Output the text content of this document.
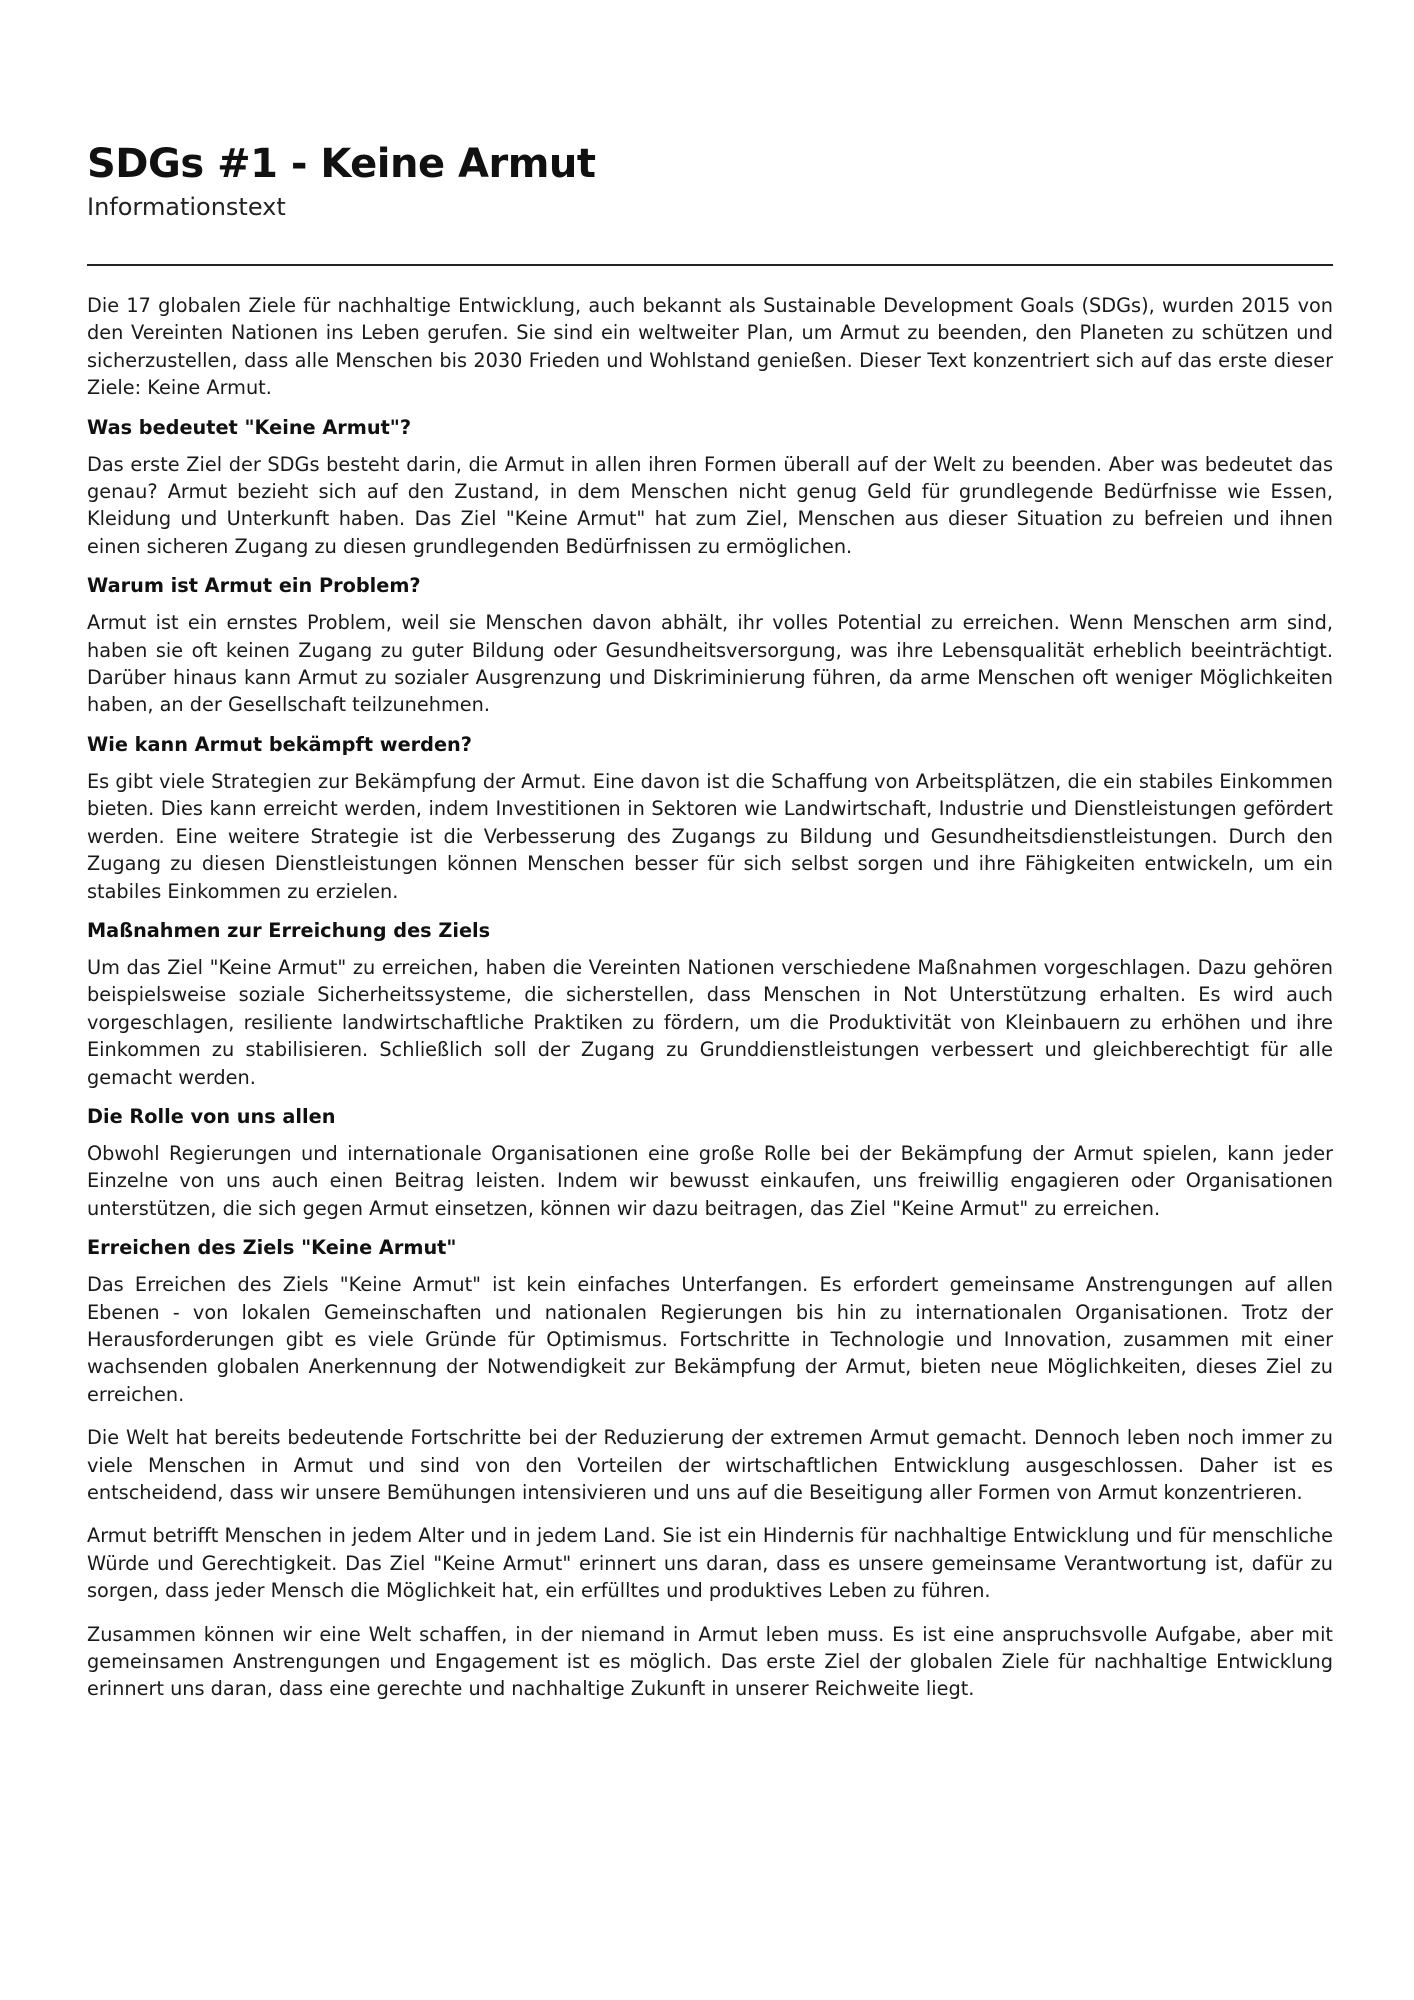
SDGs #1 - Keine Armut
Informationstext

Die 17 globalen Ziele für nachhaltige Entwicklung, auch bekannt als Sustainable Development Goals (SDGs), wurden 2015 von den Vereinten Nationen ins Leben gerufen. Sie sind ein weltweiter Plan, um Armut zu beenden, den Planeten zu schützen und sicherzustellen, dass alle Menschen bis 2030 Frieden und Wohlstand genießen. Dieser Text konzentriert sich auf das erste dieser Ziele: Keine Armut.

Was bedeutet "Keine Armut"?

Das erste Ziel der SDGs besteht darin, die Armut in allen ihren Formen überall auf der Welt zu beenden. Aber was bedeutet das genau? Armut bezieht sich auf den Zustand, in dem Menschen nicht genug Geld für grundlegende Bedürfnisse wie Essen, Kleidung und Unterkunft haben. Das Ziel "Keine Armut" hat zum Ziel, Menschen aus dieser Situation zu befreien und ihnen einen sicheren Zugang zu diesen grundlegenden Bedürfnissen zu ermöglichen.

Warum ist Armut ein Problem?

Armut ist ein ernstes Problem, weil sie Menschen davon abhält, ihr volles Potential zu erreichen. Wenn Menschen arm sind, haben sie oft keinen Zugang zu guter Bildung oder Gesundheitsversorgung, was ihre Lebensqualität erheblich beeinträchtigt. Darüber hinaus kann Armut zu sozialer Ausgrenzung und Diskriminierung führen, da arme Menschen oft weniger Möglichkeiten haben, an der Gesellschaft teilzunehmen.

Wie kann Armut bekämpft werden?

Es gibt viele Strategien zur Bekämpfung der Armut. Eine davon ist die Schaffung von Arbeitsplätzen, die ein stabiles Einkommen bieten. Dies kann erreicht werden, indem Investitionen in Sektoren wie Landwirtschaft, Industrie und Dienstleistungen gefördert werden. Eine weitere Strategie ist die Verbesserung des Zugangs zu Bildung und Gesundheitsdienstleistungen. Durch den Zugang zu diesen Dienstleistungen können Menschen besser für sich selbst sorgen und ihre Fähigkeiten entwickeln, um ein stabiles Einkommen zu erzielen.

Maßnahmen zur Erreichung des Ziels

Um das Ziel "Keine Armut" zu erreichen, haben die Vereinten Nationen verschiedene Maßnahmen vorgeschlagen. Dazu gehören beispielsweise soziale Sicherheitssysteme, die sicherstellen, dass Menschen in Not Unterstützung erhalten. Es wird auch vorgeschlagen, resiliente landwirtschaftliche Praktiken zu fördern, um die Produktivität von Kleinbauern zu erhöhen und ihre Einkommen zu stabilisieren. Schließlich soll der Zugang zu Grunddienstleistungen verbessert und gleichberechtigt für alle gemacht werden.

Die Rolle von uns allen

Obwohl Regierungen und internationale Organisationen eine große Rolle bei der Bekämpfung der Armut spielen, kann jeder Einzelne von uns auch einen Beitrag leisten. Indem wir bewusst einkaufen, uns freiwillig engagieren oder Organisationen unterstützen, die sich gegen Armut einsetzen, können wir dazu beitragen, das Ziel "Keine Armut" zu erreichen.

Erreichen des Ziels "Keine Armut"

Das Erreichen des Ziels "Keine Armut" ist kein einfaches Unterfangen. Es erfordert gemeinsame Anstrengungen auf allen Ebenen - von lokalen Gemeinschaften und nationalen Regierungen bis hin zu internationalen Organisationen. Trotz der Herausforderungen gibt es viele Gründe für Optimismus. Fortschritte in Technologie und Innovation, zusammen mit einer wachsenden globalen Anerkennung der Notwendigkeit zur Bekämpfung der Armut, bieten neue Möglichkeiten, dieses Ziel zu erreichen.

Die Welt hat bereits bedeutende Fortschritte bei der Reduzierung der extremen Armut gemacht. Dennoch leben noch immer zu viele Menschen in Armut und sind von den Vorteilen der wirtschaftlichen Entwicklung ausgeschlossen. Daher ist es entscheidend, dass wir unsere Bemühungen intensivieren und uns auf die Beseitigung aller Formen von Armut konzentrieren.

Armut betrifft Menschen in jedem Alter und in jedem Land. Sie ist ein Hindernis für nachhaltige Entwicklung und für menschliche Würde und Gerechtigkeit. Das Ziel "Keine Armut" erinnert uns daran, dass es unsere gemeinsame Verantwortung ist, dafür zu sorgen, dass jeder Mensch die Möglichkeit hat, ein erfülltes und produktives Leben zu führen.

Zusammen können wir eine Welt schaffen, in der niemand in Armut leben muss. Es ist eine anspruchsvolle Aufgabe, aber mit gemeinsamen Anstrengungen und Engagement ist es möglich. Das erste Ziel der globalen Ziele für nachhaltige Entwicklung erinnert uns daran, dass eine gerechte und nachhaltige Zukunft in unserer Reichweite liegt.
